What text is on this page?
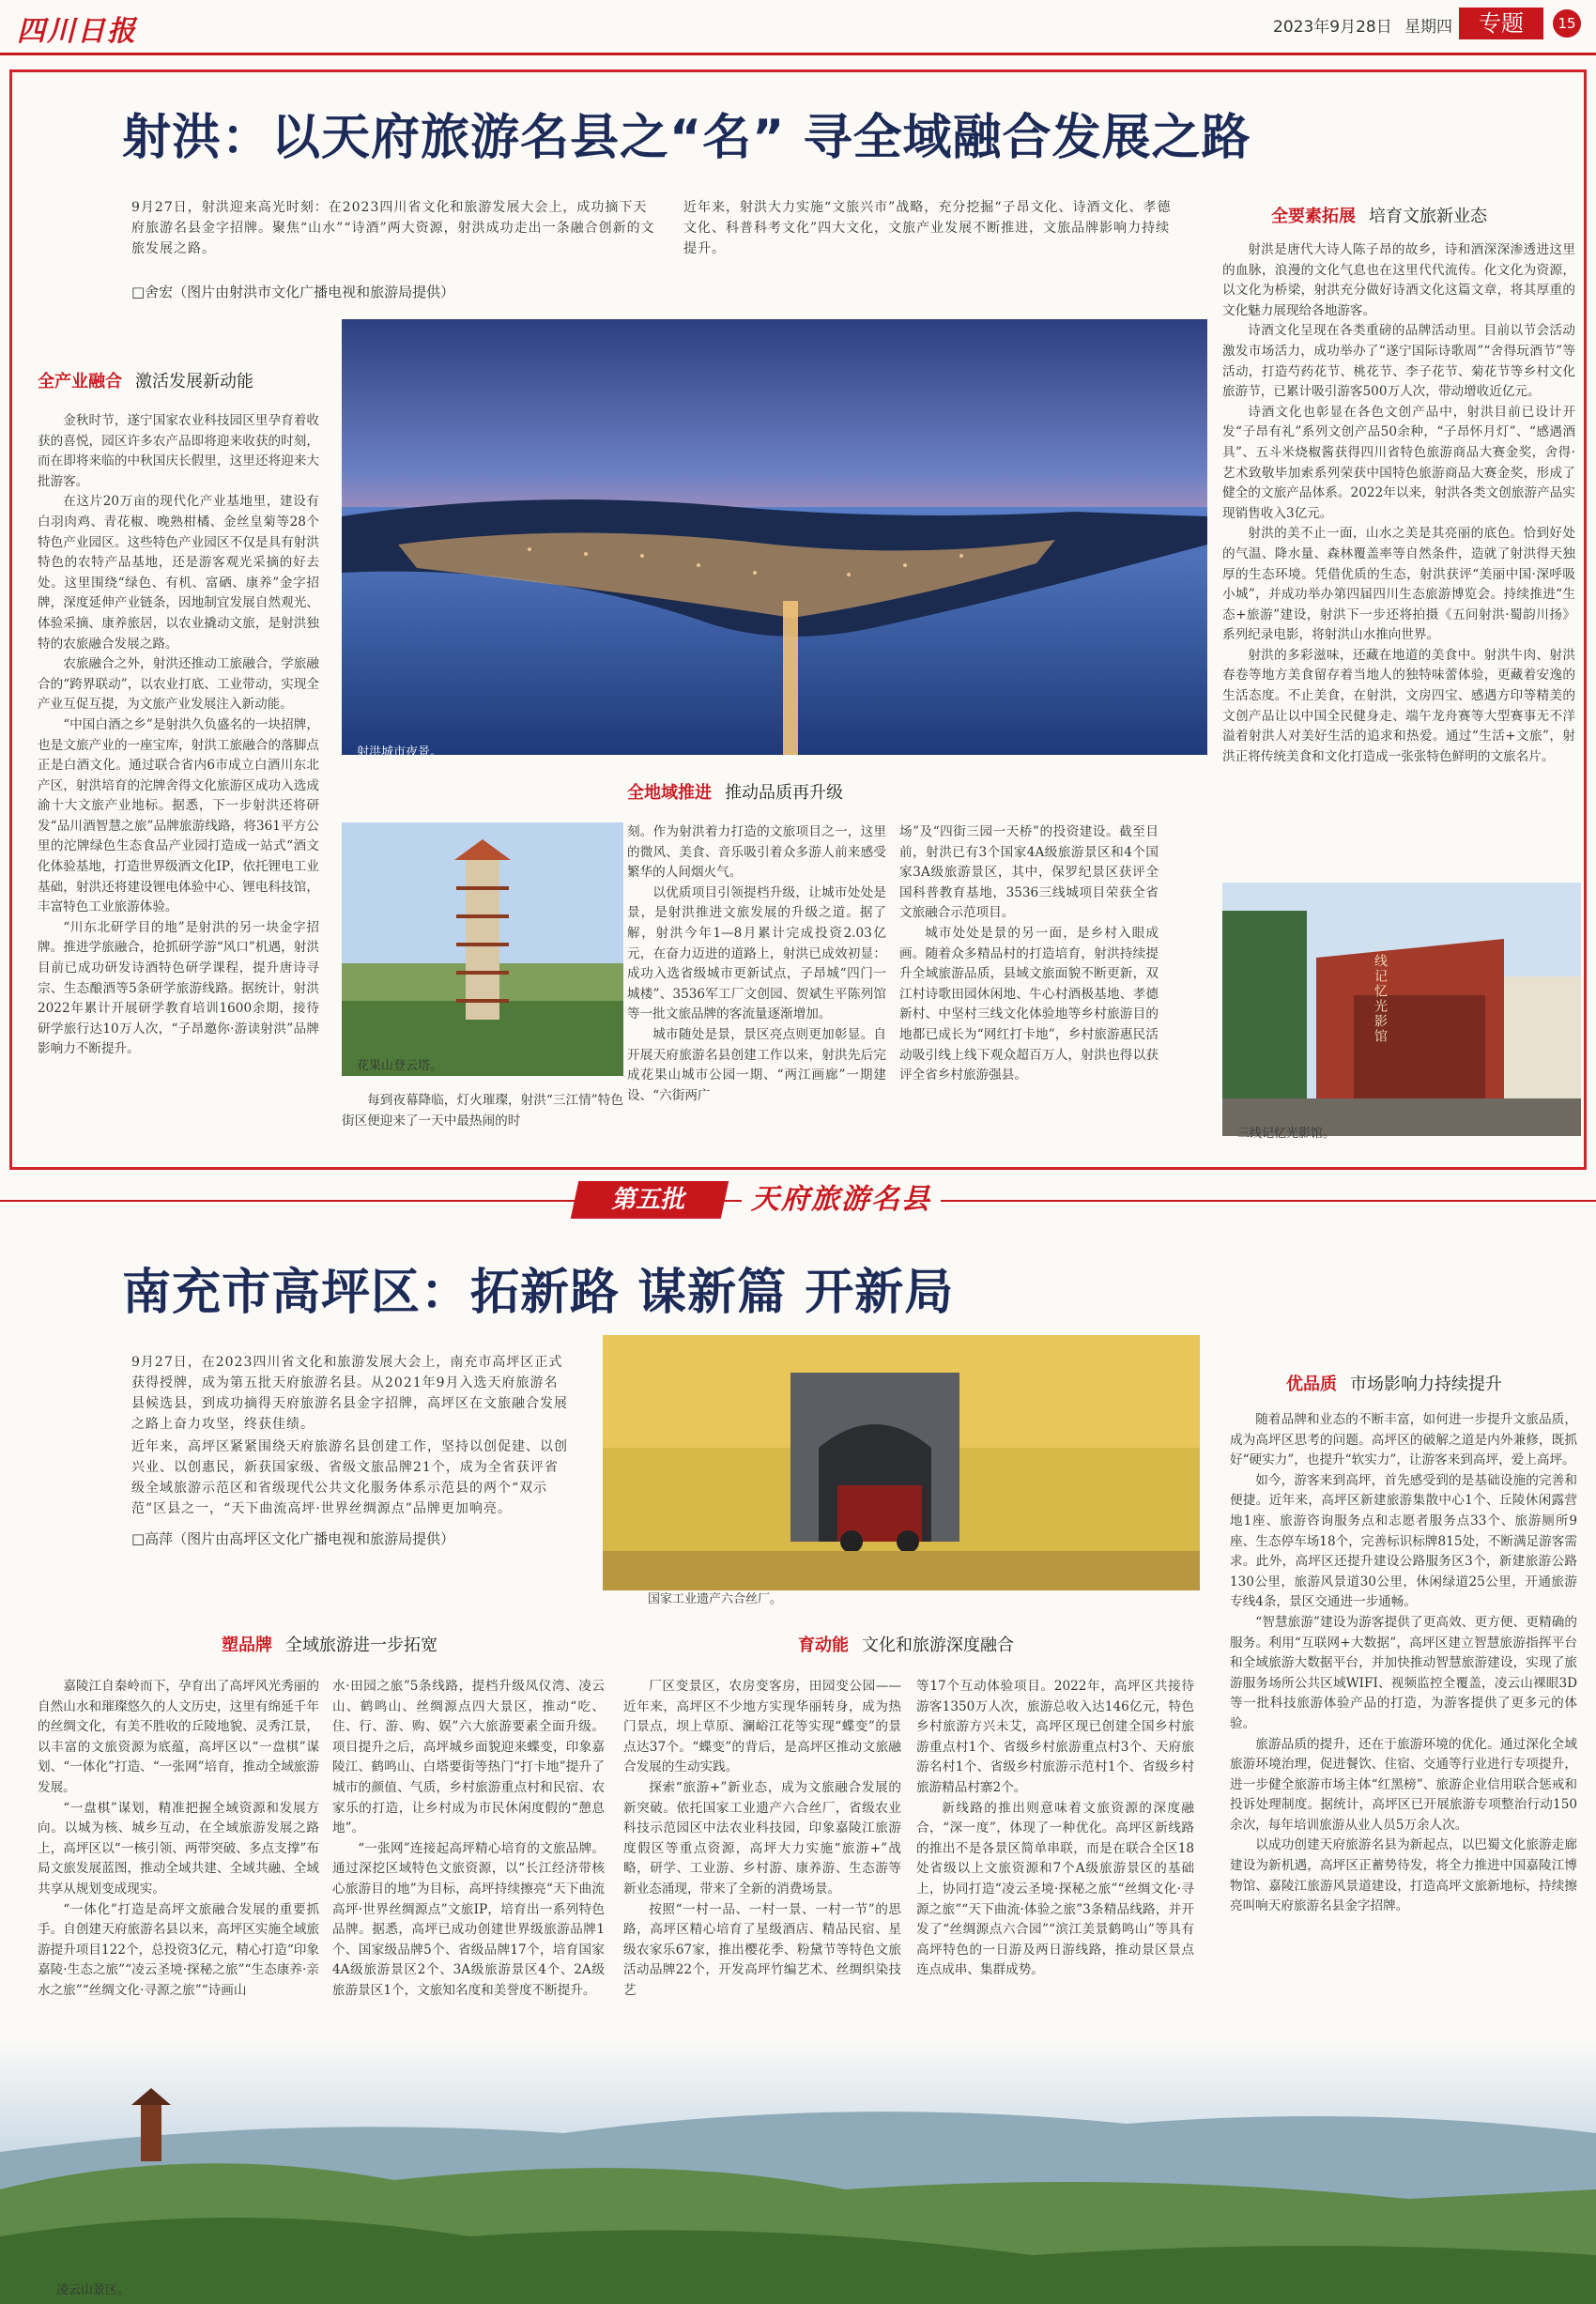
四川日报	2023年9月28日 星期四	专题	15
射洪：以天府旅游名县之“名” 寻全域融合发展之路
9月27日，射洪迎来高光时刻：在2023四川省文化和旅游发展大会上，成功摘下天府旅游名县金字招牌。聚焦“山水”“诗酒”两大资源，射洪成功走出一条融合创新的文旅发展之路。
近年来，射洪大力实施“文旅兴市”战略，充分挖掘“子昂文化、诗酒文化、孝德文化、科普科考文化”四大文化，文旅产业发展不断推进，文旅品牌影响力持续提升。
□舍宏（图片由射洪市文化广播电视和旅游局提供）
全产业融合 激活发展新动能

金秋时节，遂宁国家农业科技园区里孕育着收获的喜悦，园区许多农产品即将迎来收获的时刻，而在即将来临的中秋国庆长假里，这里还将迎来大批游客。

在这片20万亩的现代化产业基地里，建设有白羽肉鸡、青花椒、晚熟柑橘、金丝皇菊等28个特色产业园区。这些特色产业园区不仅是具有射洪特色的农特产品基地，还是游客观光采摘的好去处。这里围绕“绿色、有机、富硒、康养”金字招牌，深度延伸产业链条，因地制宜发展自然观光、体验采摘、康养旅居，以农业撬动文旅，是射洪独特的农旅融合发展之路。

农旅融合之外，射洪还推动工旅融合，学旅融合的“跨界联动”，以农业打底、工业带动，实现全产业互促互提，为文旅产业发展注入新动能。

“中国白酒之乡”是射洪久负盛名的一块招牌，也是文旅产业的一座宝库，射洪工旅融合的落脚点正是白酒文化。通过联合省内6市成立白酒川东北产区，射洪培育的沱牌舍得文化旅游区成功入选成渝十大文旅产业地标。据悉，下一步射洪还将研发“品川酒智慧之旅”品牌旅游线路，将361平方公里的沱牌绿色生态食品产业园打造成一站式“酒文化体验基地，打造世界级酒文化IP，依托锂电工业基础，射洪还将建设锂电体验中心、锂电科技馆，丰富特色工业旅游体验。

“川东北研学目的地”是射洪的另一块金字招牌。推进学旅融合，抢抓研学游“风口”机遇，射洪目前已成功研发诗酒特色研学课程，提升唐诗寻宗、生态酿酒等5条研学旅游线路。据统计，射洪2022年累计开展研学教育培训1600余期，接待研学旅行达10万人次，“子昂邀你·游读射洪”品牌影响力不断提升。

射洪城市夜景。
花果山登云塔。
每到夜幕降临，灯火璀璨，射洪“三江情”特色街区便迎来了一天中最热闹的时
全地域推进 推动品质再升级

刻。作为射洪着力打造的文旅项目之一，这里的微风、美食、音乐吸引着众多游人前来感受繁华的人间烟火气。

以优质项目引领提档升级，让城市处处是景，是射洪推进文旅发展的升级之道。据了解，射洪今年1—8月累计完成投资2.03亿元，在奋力迈进的道路上，射洪已成效初显：成功入选省级城市更新试点，子昂城“四门一城楼”、3536军工厂文创园、贺斌生平陈列馆等一批文旅品牌的客流量逐渐增加。

城市随处是景，景区亮点则更加彰显。自开展天府旅游名县创建工作以来，射洪先后完成花果山城市公园一期、“两江画廊”一期建设、“六街两广

场”及“四街三园一天桥”的投资建设。截至目前，射洪已有3个国家4A级旅游景区和4个国家3A级旅游景区，其中，保罗纪景区获评全国科普教育基地，3536三线城项目荣获全省文旅融合示范项目。

城市处处是景的另一面，是乡村入眼成画。随着众多精品村的打造培育，射洪持续提升全域旅游品质，县域文旅面貌不断更新，双江村诗歌田园休闲地、牛心村酒极基地、孝德新村、中坚村三线文化体验地等乡村旅游目的地都已成长为“网红打卡地”，乡村旅游惠民活动吸引线上线下观众超百万人，射洪也得以获评全省乡村旅游强县。

全要素拓展 培育文旅新业态

射洪是唐代大诗人陈子昂的故乡，诗和酒深深渗透进这里的血脉，浪漫的文化气息也在这里代代流传。化文化为资源，以文化为桥梁，射洪充分做好诗酒文化这篇文章，将其厚重的文化魅力展现给各地游客。

诗酒文化呈现在各类重磅的品牌活动里。目前以节会活动激发市场活力，成功举办了“遂宁国际诗歌周”“舍得玩酒节”等活动，打造芍药花节、桃花节、李子花节、菊花节等乡村文化旅游节，已累计吸引游客500万人次，带动增收近亿元。

诗酒文化也彰显在各色文创产品中，射洪目前已设计开发“子昂有礼”系列文创产品50余种，“子昂怀月灯”、“感遇酒具”、五斗米烧椒酱获得四川省特色旅游商品大赛金奖，舍得·艺术致敬毕加索系列荣获中国特色旅游商品大赛金奖，形成了健全的文旅产品体系。2022年以来，射洪各类文创旅游产品实现销售收入3亿元。

射洪的美不止一面，山水之美是其亮丽的底色。恰到好处的气温、降水量、森林覆盖率等自然条件，造就了射洪得天独厚的生态环境。凭借优质的生态，射洪获评“美丽中国·深呼吸小城”，并成功举办第四届四川生态旅游博览会。持续推进“生态+旅游”建设，射洪下一步还将拍摄《五问射洪·蜀韵川扬》系列纪录电影，将射洪山水推向世界。

射洪的多彩滋味，还藏在地道的美食中。射洪牛肉、射洪春卷等地方美食留存着当地人的独特味蕾体验，更藏着安逸的生活态度。不止美食，在射洪，文房四宝、感遇方印等精美的文创产品让以中国全民健身走、端午龙舟赛等大型赛事无不洋溢着射洪人对美好生活的追求和热爱。通过“生活+文旅”，射洪正将传统美食和文化打造成一张张特色鲜明的文旅名片。

三线记忆光影馆
三线记忆光影馆。
第五批	天府旅游名县
南充市高坪区：拓新路 谋新篇 开新局
9月27日，在2023四川省文化和旅游发展大会上，南充市高坪区正式获得授牌，成为第五批天府旅游名县。从2021年9月入选天府旅游名县候选县，到成功摘得天府旅游名县金字招牌，高坪区在文旅融合发展之路上奋力攻坚，终获佳绩。
近年来，高坪区紧紧围绕天府旅游名县创建工作，坚持以创促建、以创兴业、以创惠民，新获国家级、省级文旅品牌21个，成为全省获评省级全域旅游示范区和省级现代公共文化服务体系示范县的两个“双示范”区县之一，“天下曲流高坪·世界丝绸源点”品牌更加响亮。
□高萍（图片由高坪区文化广播电视和旅游局提供）
国家工业遗产六合丝厂。
优品质 市场影响力持续提升

随着品牌和业态的不断丰富，如何进一步提升文旅品质，成为高坪区思考的问题。高坪区的破解之道是内外兼修，既抓好“硬实力”，也提升“软实力”，让游客来到高坪，爱上高坪。

如今，游客来到高坪，首先感受到的是基础设施的完善和便捷。近年来，高坪区新建旅游集散中心1个、丘陵休闲露营地1座、旅游咨询服务点和志愿者服务点33个、旅游厕所9座、生态停车场18个，完善标识标牌815处，不断满足游客需求。此外，高坪区还提升建设公路服务区3个，新建旅游公路130公里，旅游风景道30公里，休闲绿道25公里，开通旅游专线4条，景区交通进一步通畅。

“智慧旅游”建设为游客提供了更高效、更方便、更精确的服务。利用“互联网+大数据”，高坪区建立智慧旅游指挥平台和全域旅游大数据平台，并加快推动智慧旅游建设，实现了旅游服务场所公共区域WIFI、视频监控全覆盖，凌云山裸眼3D等一批科技旅游体验产品的打造，为游客提供了更多元的体验。

旅游品质的提升，还在于旅游环境的优化。通过深化全域旅游环境治理，促进餐饮、住宿、交通等行业进行专项提升，进一步健全旅游市场主体“红黑榜”、旅游企业信用联合惩戒和投诉处理制度。据统计，高坪区已开展旅游专项整治行动150余次，每年培训旅游从业人员5万余人次。

以成功创建天府旅游名县为新起点，以巴蜀文化旅游走廊建设为新机遇，高坪区正蓄势待发，将全力推进中国嘉陵江博物馆、嘉陵江旅游风景道建设，打造高坪文旅新地标，持续擦亮叫响天府旅游名县金字招牌。

塑品牌 全域旅游进一步拓宽	育动能 文化和旅游深度融合

嘉陵江自秦岭而下，孕育出了高坪风光秀丽的自然山水和璀璨悠久的人文历史，这里有绵延千年的丝绸文化，有美不胜收的丘陵地貌、灵秀江景，以丰富的文旅资源为底蕴，高坪区以“一盘棋”谋划、“一体化”打造、“一张网”培育，推动全域旅游发展。

“一盘棋”谋划，精准把握全域资源和发展方向。以城为核、城乡互动，在全域旅游发展之路上，高坪区以“一核引领、两带突破、多点支撑”布局文旅发展蓝图，推动全域共建、全域共融、全域共享从规划变成现实。

“一体化”打造是高坪文旅融合发展的重要抓手。自创建天府旅游名县以来，高坪区实施全域旅游提升项目122个，总投资3亿元，精心打造“印象嘉陵·生态之旅”“凌云圣境·探秘之旅”“生态康养·亲水之旅”“丝绸文化·寻源之旅”“诗画山

水·田园之旅”5条线路，提档升级凤仪湾、凌云山、鹤鸣山、丝绸源点四大景区，推动“吃、住、行、游、购、娱”六大旅游要素全面升级。项目提升之后，高坪城乡面貌迎来蝶变，印象嘉陵江、鹤鸣山、白塔要街等热门“打卡地”提升了城市的颜值、气质，乡村旅游重点村和民宿、农家乐的打造，让乡村成为市民休闲度假的“憩息地”。

“一张网”连接起高坪精心培育的文旅品牌。通过深挖区域特色文旅资源，以“长江经济带核心旅游目的地”为目标，高坪持续擦亮“天下曲流高坪·世界丝绸源点”文旅IP，培育出一系列特色品牌。据悉，高坪已成功创建世界级旅游品牌1个、国家级品牌5个、省级品牌17个，培育国家4A级旅游景区2个、3A级旅游景区4个、2A级旅游景区1个，文旅知名度和美誉度不断提升。

厂区变景区，农房变客房，田园变公园——近年来，高坪区不少地方实现华丽转身，成为热门景点，坝上草原、澜峪江花等实现“蝶变”的景点达37个。“蝶变”的背后，是高坪区推动文旅融合发展的生动实践。

探索“旅游+”新业态，成为文旅融合发展的新突破。依托国家工业遗产六合丝厂，省级农业科技示范园区中法农业科技园，印象嘉陵江旅游度假区等重点资源，高坪大力实施“旅游+”战略，研学、工业游、乡村游、康养游、生态游等新业态涌现，带来了全新的消费场景。

按照“一村一品、一村一景、一村一节”的思路，高坪区精心培育了星级酒店、精品民宿、星级农家乐67家，推出樱花季、粉黛节等特色文旅活动品牌22个，开发高坪竹编艺术、丝绸织染技艺

等17个互动体验项目。2022年，高坪区共接待游客1350万人次，旅游总收入达146亿元，特色乡村旅游方兴未艾，高坪区现已创建全国乡村旅游重点村1个、省级乡村旅游重点村3个、天府旅游名村1个、省级乡村旅游示范村1个、省级乡村旅游精品村寨2个。

新线路的推出则意味着文旅资源的深度融合，“深一度”，体现了一种优化。高坪区新线路的推出不是各景区简单串联，而是在联合全区18处省级以上文旅资源和7个A级旅游景区的基础上，协同打造“凌云圣境·探秘之旅”“丝绸文化·寻源之旅”“天下曲流·体验之旅”3条精品线路，并开发了“丝绸源点六合园”“滨江美景鹤鸣山”等具有高坪特色的一日游及两日游线路，推动景区景点连点成串、集群成势。

凌云山景区。
